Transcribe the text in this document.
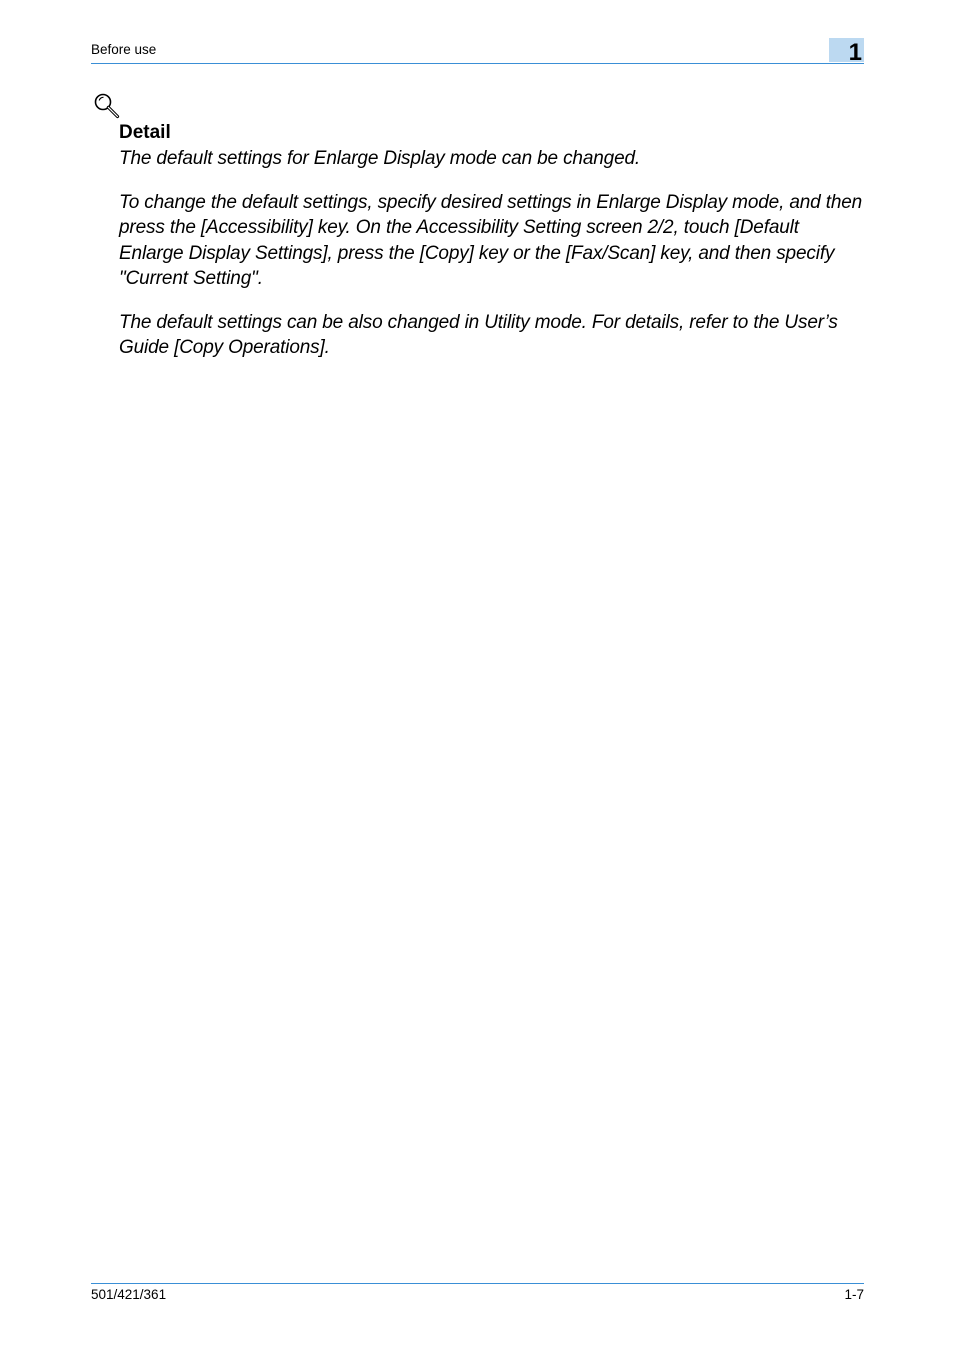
Before use	1

Detail

The default settings for Enlarge Display mode can be changed.

To change the default settings, specify desired settings in Enlarge Display mode, and then press the [Accessibility] key. On the Accessibility Setting screen 2/2, touch [Default Enlarge Display Settings], press the [Copy] key or the [Fax/Scan] key, and then specify "Current Setting".

The default settings can be also changed in Utility mode. For details, refer to the User’s Guide [Copy Operations].

501/421/361	1-7
